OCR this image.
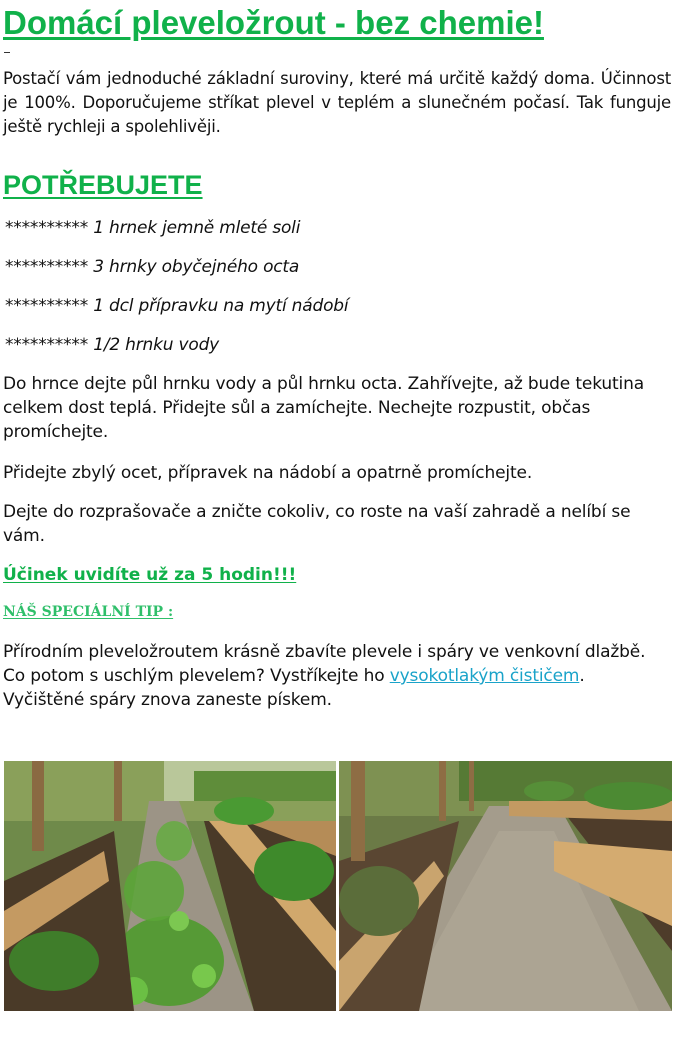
Domácí pleveložrout - bez chemie!

Postačí vám jednoduché základní suroviny, které má určitě každý doma. Účinnost je 100%. Doporučujeme stříkat plevel v teplém a slunečném počasí. Tak funguje ještě rychleji a spolehlivěji.

POTŘEBUJETE

********** 1 hrnek jemně mleté soli

********** 3 hrnky obyčejného octa

********** 1 dcl přípravku na mytí nádobí

********** 1/2 hrnku vody

Do hrnce dejte půl hrnku vody a půl hrnku octa. Zahřívejte, až bude tekutina celkem dost teplá. Přidejte sůl a zamíchejte. Nechejte rozpustit, občas promíchejte.

Přidejte zbylý ocet, přípravek na nádobí a opatrně promíchejte.

Dejte do rozprašovače a zničte cokoliv, co roste na vaší zahradě a nelíbí se vám.

Účinek uvidíte už za 5 hodin!!!

NÁŠ SPECIÁLNÍ TIP :

Přírodním pleveložroutem krásně zbavíte plevele i spáry ve venkovní dlažbě. Co potom s uschlým plevelem? Vystříkejte ho vysokotlakým čističem. Vyčištěné spáry znova zaneste pískem.
